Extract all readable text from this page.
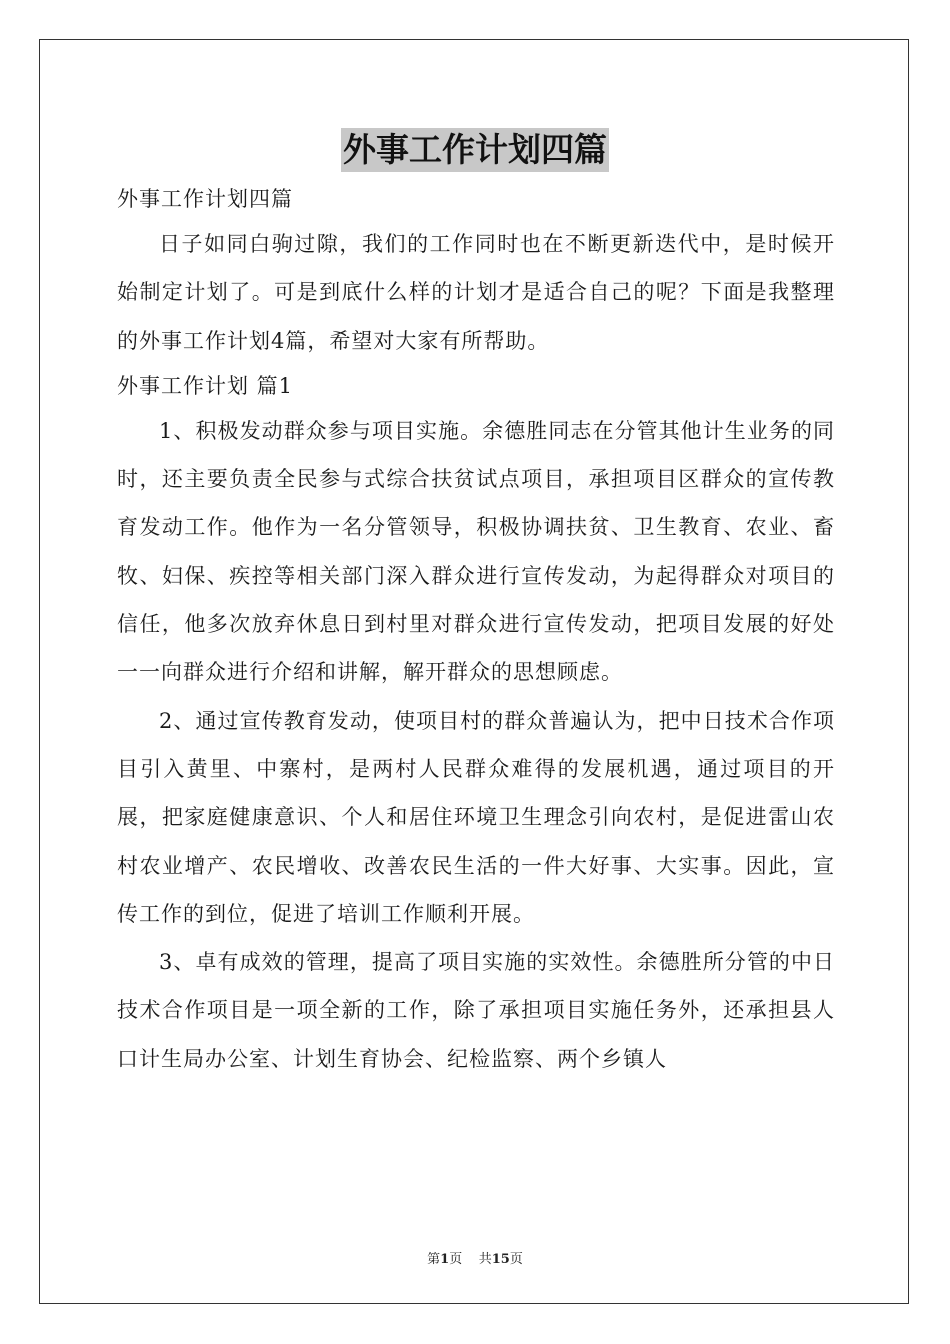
外事工作计划四篇

外事工作计划四篇

日子如同白驹过隙，我们的工作同时也在不断更新迭代中，是时候开始制定计划了。可是到底什么样的计划才是适合自己的呢？下面是我整理的外事工作计划4篇，希望对大家有所帮助。

外事工作计划 篇1

1、积极发动群众参与项目实施。余德胜同志在分管其他计生业务的同时，还主要负责全民参与式综合扶贫试点项目，承担项目区群众的宣传教育发动工作。他作为一名分管领导，积极协调扶贫、卫生教育、农业、畜牧、妇保、疾控等相关部门深入群众进行宣传发动，为起得群众对项目的信任，他多次放弃休息日到村里对群众进行宣传发动，把项目发展的好处一一向群众进行介绍和讲解，解开群众的思想顾虑。

2、通过宣传教育发动，使项目村的群众普遍认为，把中日技术合作项目引入黄里、中寨村，是两村人民群众难得的发展机遇，通过项目的开展，把家庭健康意识、个人和居住环境卫生理念引向农村，是促进雷山农村农业增产、农民增收、改善农民生活的一件大好事、大实事。因此，宣传工作的到位，促进了培训工作顺利开展。

3、卓有成效的管理，提高了项目实施的实效性。余德胜所分管的中日技术合作项目是一项全新的工作，除了承担项目实施任务外，还承担县人口计生局办公室、计划生育协会、纪检监察、两个乡镇人

第1页 共15页
